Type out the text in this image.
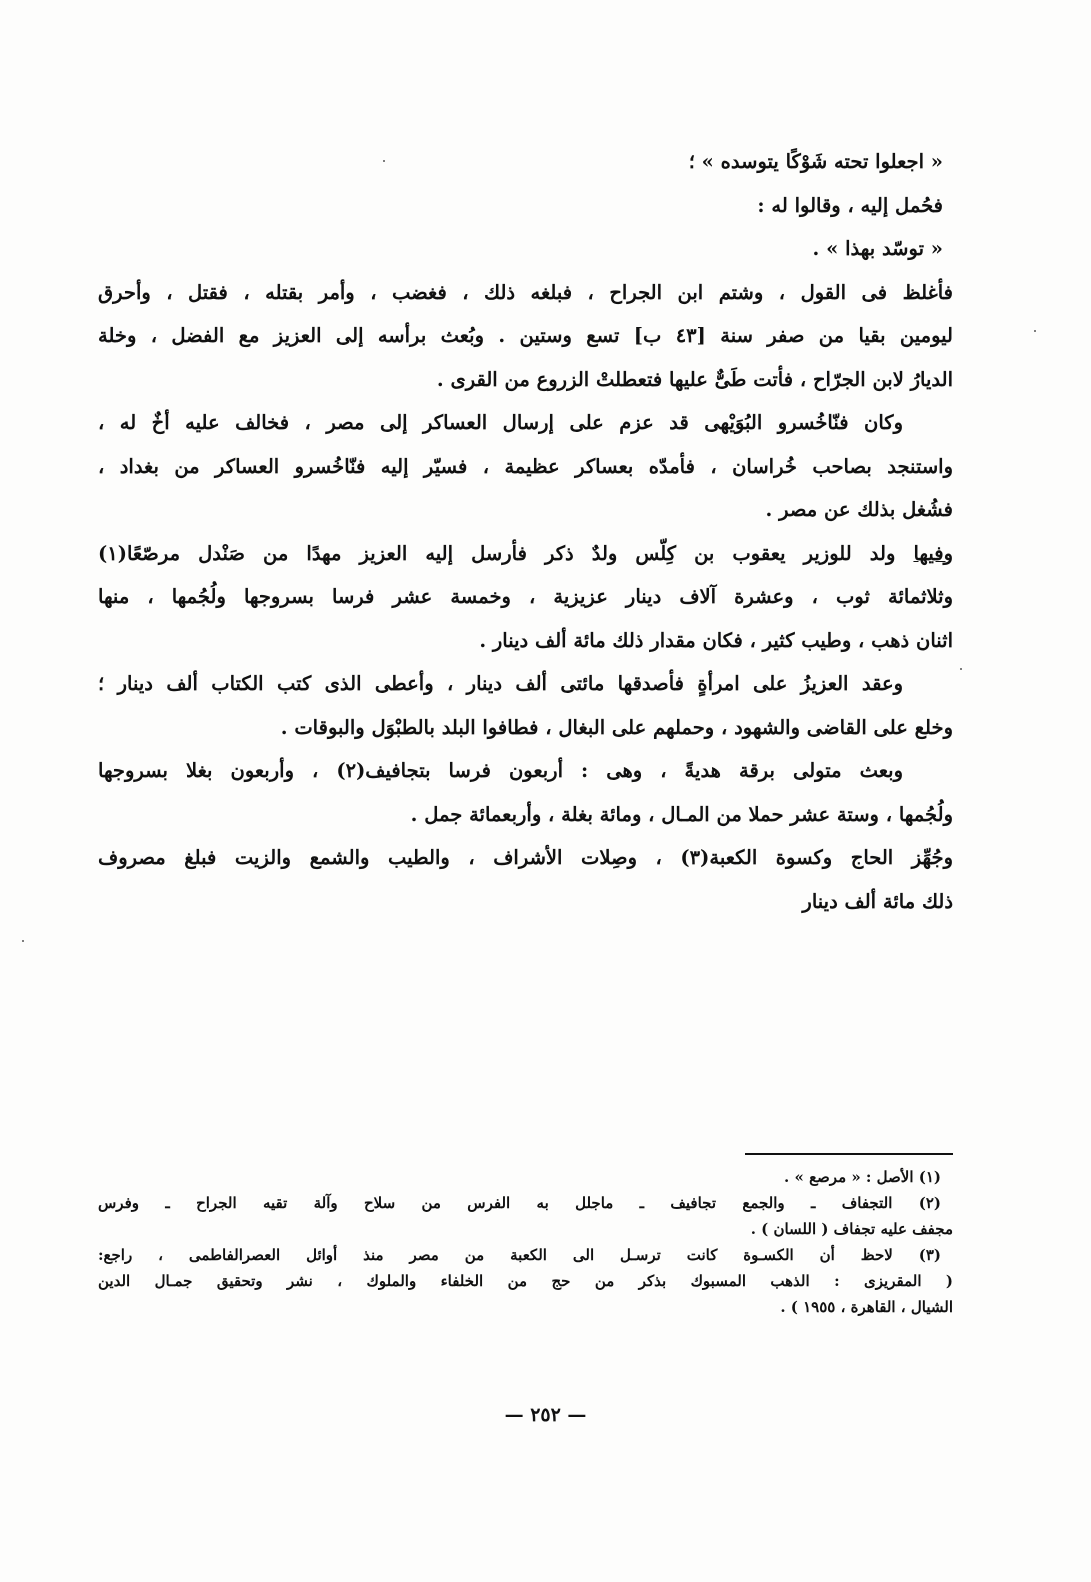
« اجعلوا تحته شَوْكًا يتوسده » ؛
فحُمل إليه ، وقالوا له :
« توسّد بهذا » .
فأغلظ فى القول ، وشتم ابن الجراح ، فبلغه ذلك ، فغضب ، وأمر بقتله ، فقتل ، وأحرق
ليومين بقيا من صفر سنة [٤٣ ب] تسع وستين . وبُعث برأسه إلى العزيز مع الفضل ، وخلة
الديارُ لابن الجرّاح ، فأتت طَىٌّ عليها فتعطلتْ الزروع من القرى .
وكان فنّاخُسرو البُوَيْهى قد عزم على إرسال العساكر إلى مصر ، فخالف عليه أخٌ له ،
واستنجد بصاحب خُراسان ، فأمدّه بعساكر عظيمة ، فسيّر إليه فنّاخُسرو العساكر من بغداد ،
فشُغل بذلك عن مصر .
وفيها ولد للوزير يعقوب بن كِلّس ولدٌ ذكر فأرسل إليه العزيز مهدًا من صَنْدل مرصّعًا(١)
وثلاثمائة ثوب ، وعشرة آلاف دينار عزيزية ، وخمسة عشر فرسا بسروجها ولُجُمها ، منها
اثنان ذهب ، وطيب كثير ، فكان مقدار ذلك مائة ألف دينار .
وعقد العزيزُ على امرأةٍ فأصدقها مائتى ألف دينار ، وأعطى الذى كتب الكتاب ألف دينار ؛
وخلع على القاضى والشهود ، وحملهم على البغال ، فطافوا البلد بالطبْوَل والبوقات .
وبعث متولى برقة هديةً ، وهى : أربعون فرسا بتجافيف(٢) ، وأربعون بغلا بسروجها
ولُجُمها ، وستة عشر حملا من المـال ، ومائة بغلة ، وأربعمائة جمل .
وجُهِّز الحاج وكسوة الكعبة(٣) ، وصِلات الأشراف ، والطيب والشمع والزيت فبلغ مصروف
ذلك مائة ألف دينار
(١) الأصل : « مرصع » .
(٢) التجفاف ـ والجمع تجافيف ـ ماجلل به الفرس من سلاح وآلة تقيه الجراح ـ وفرس
مجفف عليه تجفاف ( اللسان ) .
(٣) لاحظ أن الكسـوة كانت ترسـل الى الكعبة من مصر منذ أوائل العصرالفاطمى ، راجع:
( المقريزى : الذهب المسبوك بذكر من حج من الخلفاء والملوك ، نشر وتحقيق جمـال الدين
الشيال ، القاهرة ، ١٩٥٥ ) .
— ٢٥٢ —
